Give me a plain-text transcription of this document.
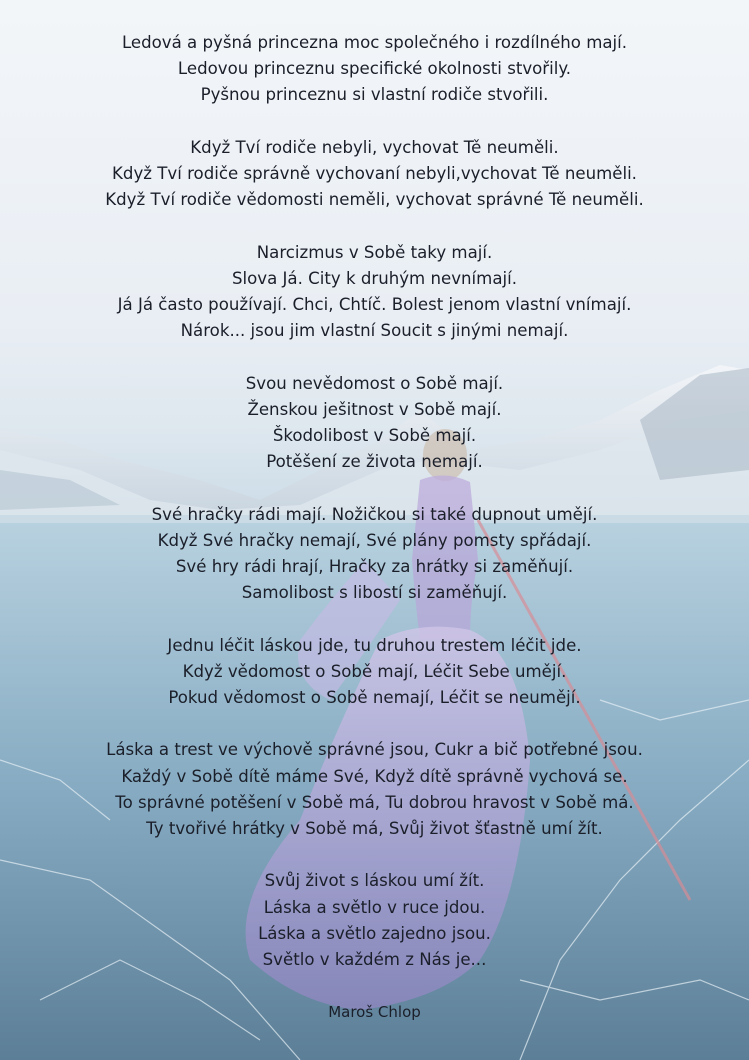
Ledová a pyšná princezna moc společného i rozdílného mají.
Ledovou princeznu specifické okolnosti stvořily.
Pyšnou princeznu si vlastní rodiče stvořili.
Když Tví rodiče nebyli, vychovat Tě neuměli.
Když Tví rodiče správně vychovaní nebyli,vychovat Tě neuměli.
Když Tví rodiče vědomosti neměli, vychovat správné Tě neuměli.
Narcizmus v Sobě taky mají.
Slova Já. City k druhým nevnímají.
Já Já často používají. Chci, Chtíč. Bolest jenom vlastní vnímají.
Nárok... jsou jim vlastní Soucit s jinými nemají.
Svou nevědomost o Sobě mají.
Ženskou ješitnost v Sobě mají.
Škodolibost v Sobě mají.
Potěšení ze života nemají.
Své hračky rádi mají. Nožičkou si také dupnout umějí.
Když Své hračky nemají, Své plány pomsty spřádají.
Své hry rádi hrají, Hračky za hrátky si zaměňují.
Samolibost s libostí si zaměňují.
Jednu léčit láskou jde, tu druhou trestem léčit jde.
Když vědomost o Sobě mají, Léčit Sebe umějí.
Pokud vědomost o Sobě nemají, Léčit se neumějí.
Láska a trest ve výchově správné jsou, Cukr a bič potřebné jsou.
Každý v Sobě dítě máme Své, Když dítě správně vychová se.
To správné potěšení v Sobě má, Tu dobrou hravost v Sobě má.
Ty tvořivé hrátky v Sobě má, Svůj život šťastně umí žít.
Svůj život s láskou umí žít.
Láska a světlo v ruce jdou.
Láska a světlo zajedno jsou.
Světlo v každém z Nás je...
Maroš Chlop
